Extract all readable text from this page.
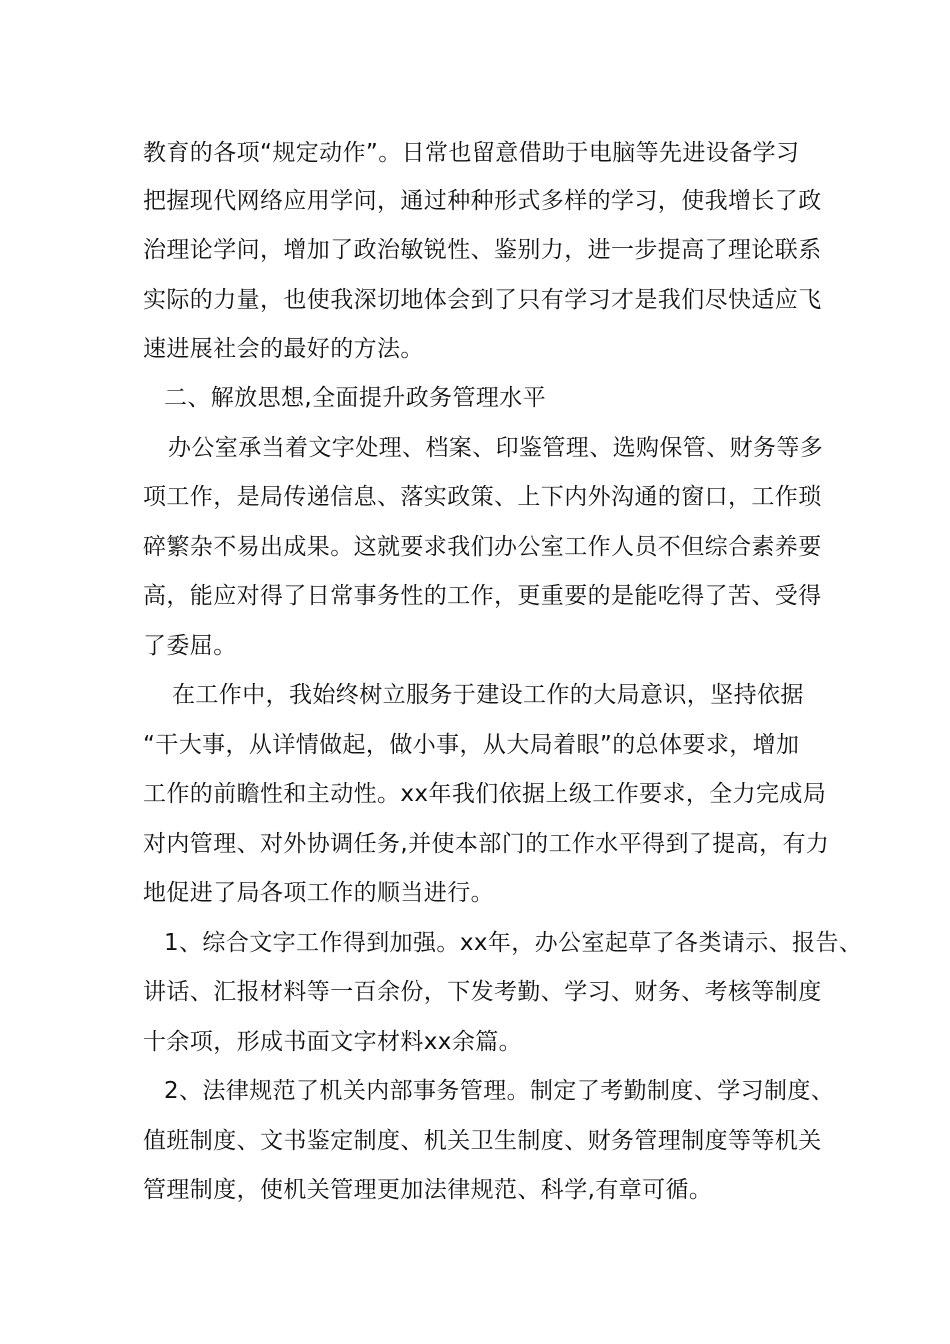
教育的各项“规定动作”。日常也留意借助于电脑等先进设备学习
把握现代网络应用学问，通过种种形式多样的学习，使我增长了政
治理论学问，增加了政治敏锐性、鉴别力，进一步提高了理论联系
实际的力量，也使我深切地体会到了只有学习才是我们尽快适应飞
速进展社会的最好的方法。
二、解放思想,全面提升政务管理水平
办公室承当着文字处理、档案、印鉴管理、选购保管、财务等多
项工作，是局传递信息、落实政策、上下内外沟通的窗口，工作琐
碎繁杂不易出成果。这就要求我们办公室工作人员不但综合素养要
高，能应对得了日常事务性的工作，更重要的是能吃得了苦、受得
了委屈。
在工作中，我始终树立服务于建设工作的大局意识，坚持依据
“干大事，从详情做起，做小事，从大局着眼”的总体要求，增加
工作的前瞻性和主动性。xx年我们依据上级工作要求，全力完成局
对内管理、对外协调任务,并使本部门的工作水平得到了提高，有力
地促进了局各项工作的顺当进行。
1、综合文字工作得到加强。xx年，办公室起草了各类请示、报告、
讲话、汇报材料等一百余份，下发考勤、学习、财务、考核等制度
十余项，形成书面文字材料xx余篇。
2、法律规范了机关内部事务管理。制定了考勤制度、学习制度、
值班制度、文书鉴定制度、机关卫生制度、财务管理制度等等机关
管理制度，使机关管理更加法律规范、科学,有章可循。
